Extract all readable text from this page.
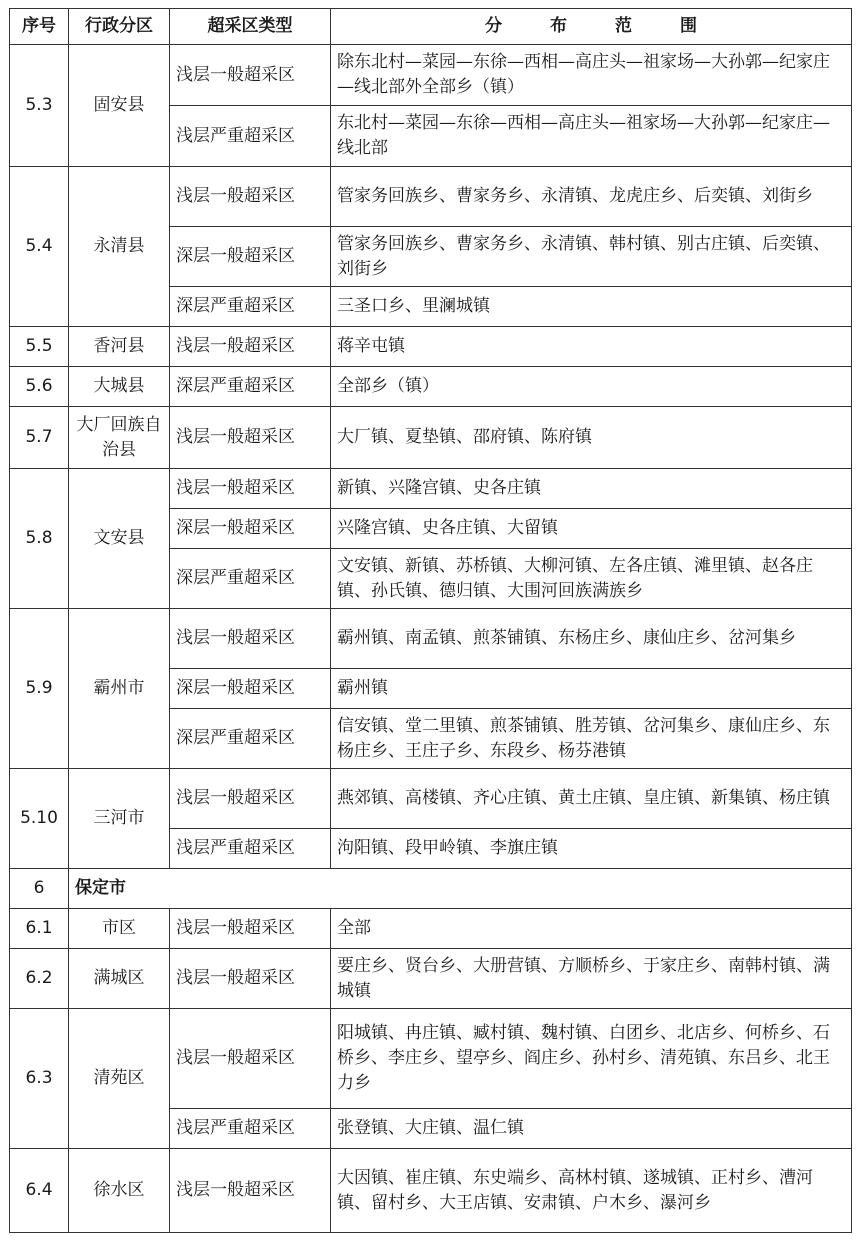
序号	行政分区	超采区类型	分 布 范 围
5.3	固安县	浅层一般超采区	除东北村—菜园—东徐—西相—高庄头—祖家场—大孙郭—纪家庄—线北部外全部乡（镇）
		浅层严重超采区	东北村—菜园—东徐—西相—高庄头—祖家场—大孙郭—纪家庄—线北部
5.4	永清县	浅层一般超采区	管家务回族乡、曹家务乡、永清镇、龙虎庄乡、后奕镇、刘街乡
		深层一般超采区	管家务回族乡、曹家务乡、永清镇、韩村镇、别古庄镇、后奕镇、刘街乡
		深层严重超采区	三圣口乡、里澜城镇
5.5	香河县	浅层一般超采区	蒋辛屯镇
5.6	大城县	深层严重超采区	全部乡（镇）
5.7	大厂回族自治县	浅层一般超采区	大厂镇、夏垫镇、邵府镇、陈府镇
5.8	文安县	浅层一般超采区	新镇、兴隆宫镇、史各庄镇
		深层一般超采区	兴隆宫镇、史各庄镇、大留镇
		深层严重超采区	文安镇、新镇、苏桥镇、大柳河镇、左各庄镇、滩里镇、赵各庄镇、孙氏镇、德归镇、大围河回族满族乡
5.9	霸州市	浅层一般超采区	霸州镇、南孟镇、煎茶铺镇、东杨庄乡、康仙庄乡、岔河集乡
		深层一般超采区	霸州镇
		深层严重超采区	信安镇、堂二里镇、煎茶铺镇、胜芳镇、岔河集乡、康仙庄乡、东杨庄乡、王庄子乡、东段乡、杨芬港镇
5.10	三河市	浅层一般超采区	燕郊镇、高楼镇、齐心庄镇、黄土庄镇、皇庄镇、新集镇、杨庄镇
		浅层严重超采区	泃阳镇、段甲岭镇、李旗庄镇
6	保定市		
6.1	市区	浅层一般超采区	全部
6.2	满城区	浅层一般超采区	要庄乡、贤台乡、大册营镇、方顺桥乡、于家庄乡、南韩村镇、满城镇
6.3	清苑区	浅层一般超采区	阳城镇、冉庄镇、臧村镇、魏村镇、白团乡、北店乡、何桥乡、石桥乡、李庄乡、望亭乡、阎庄乡、孙村乡、清苑镇、东吕乡、北王力乡
		浅层严重超采区	张登镇、大庄镇、温仁镇
6.4	徐水区	浅层一般超采区	大因镇、崔庄镇、东史端乡、高林村镇、遂城镇、正村乡、漕河镇、留村乡、大王店镇、安肃镇、户木乡、瀑河乡
